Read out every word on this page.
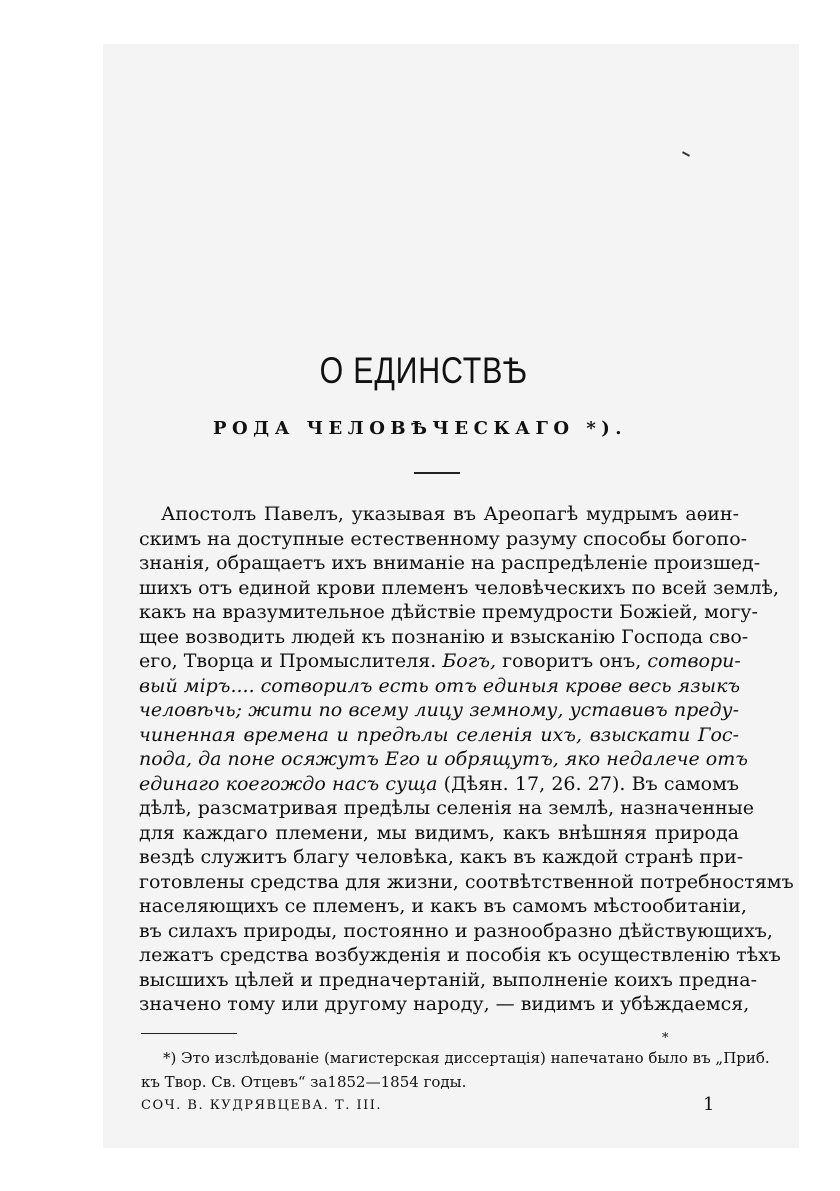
О ЕДИНСТВѢ
РОДА ЧЕЛОВѢЧЕСКАГО *).
Апостолъ Павелъ, указывая въ Ареопагѣ мудрымъ аѳин-
скимъ на доступные естественному разуму способы богопо-
знанія, обращаетъ ихъ вниманіе на распредѣленіе произшед-
шихъ отъ единой крови племенъ человѣческихъ по всей землѣ,
какъ на вразумительное дѣйствіе премудрости Божіей, могу-
щее возводить людей къ познанію и взысканію Господа сво-
его, Творца и Промыслителя. Богъ, говоритъ онъ, сотвори-
вый міръ.... сотворилъ есть отъ единыя крове весь языкъ
человѣчь; жити по всему лицу земному, уставивъ преду-
чиненная времена и предѣлы селенія ихъ, взыскати Гос-
пода, да поне осяжутъ Его и обрящутъ, яко недалече отъ
единаго коегождо насъ суща (Дѣян. 17, 26. 27). Въ самомъ
дѣлѣ, разсматривая предѣлы селенія на землѣ, назначенные
для каждаго племени, мы видимъ, какъ внѣшняя природа
вездѣ служитъ благу человѣка, какъ въ каждой странѣ при-
готовлены средства для жизни, соотвѣтственной потребностямъ
населяющихъ се племенъ, и какъ въ самомъ мѣстообитаніи,
въ силахъ природы, постоянно и разнообразно дѣйствующихъ,
лежатъ средства возбужденія и пособія къ осуществленію тѣхъ
высшихъ цѣлей и предначертаній, выполненіе коихъ предна-
значено тому или другому народу, — видимъ и убѣждаемся,
*
*) Это изслѣдованіе (магистерская диссертація) напечатано было въ „Приб.
къ Твор. Св. Отцевъ“ за1852—1854 годы.
СОЧ. В. КУДРЯВЦЕВА. Т. III.	1
